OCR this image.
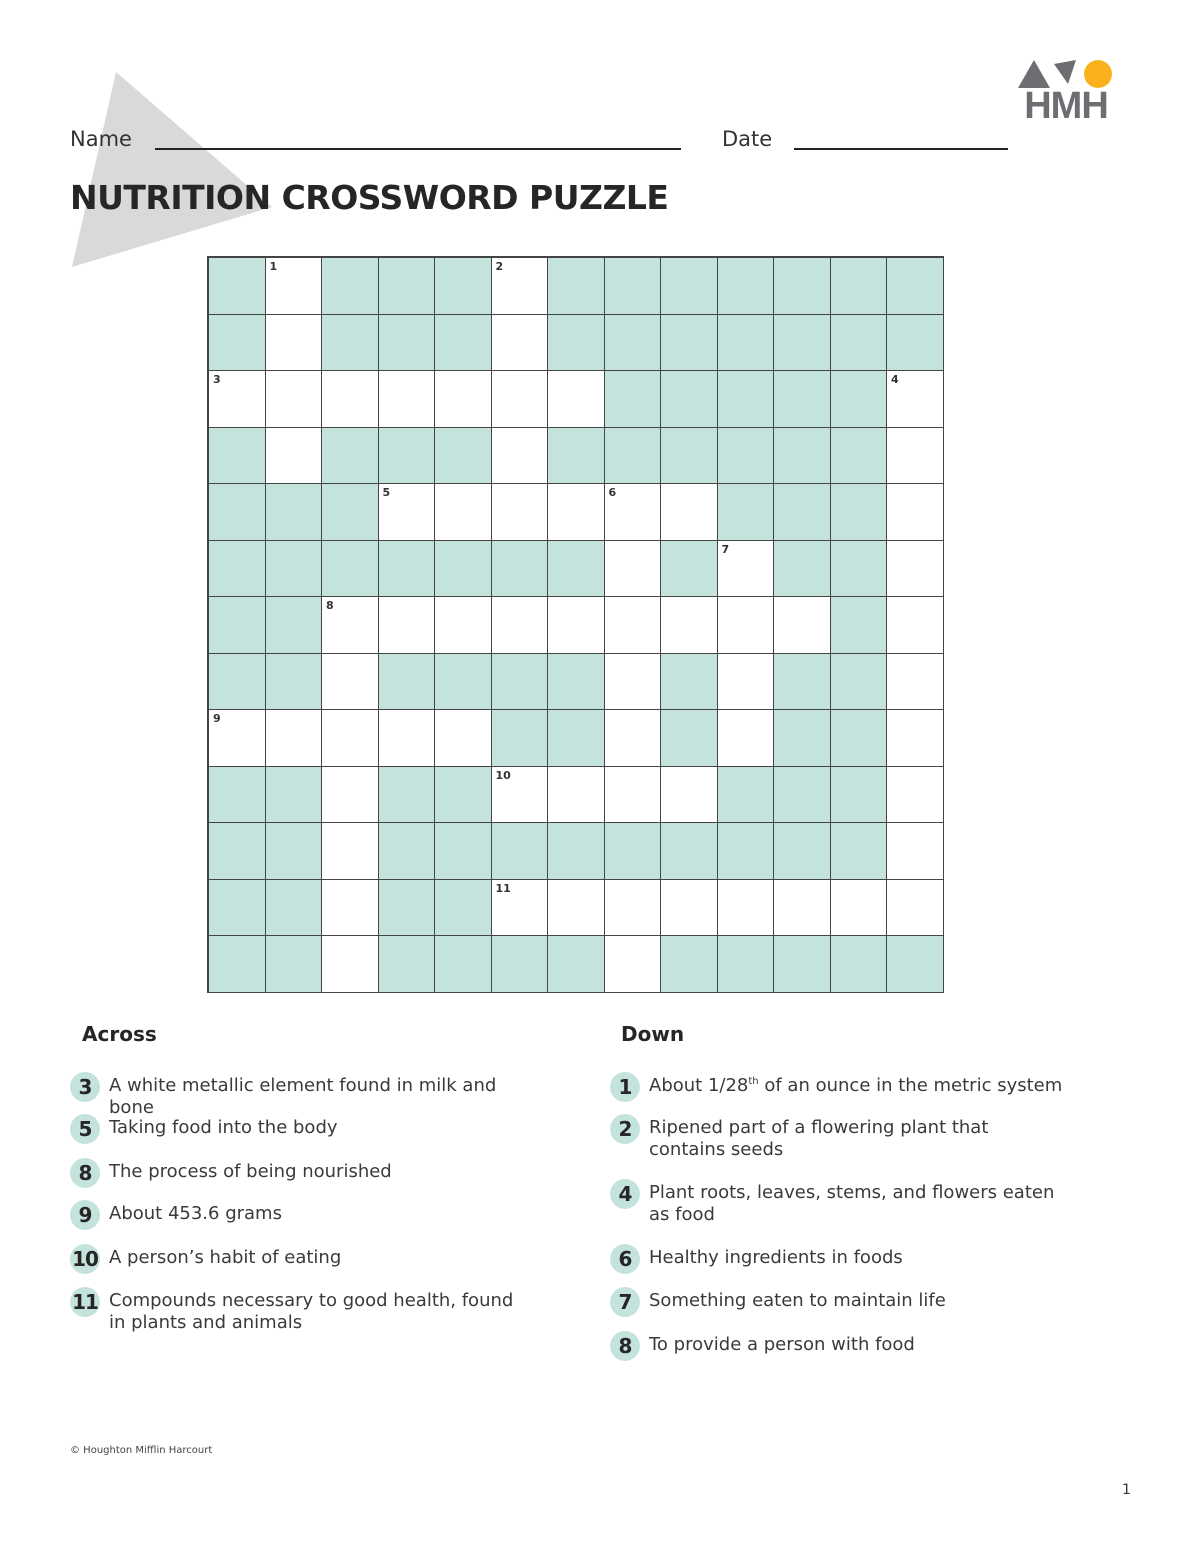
HMH
Name	Date
NUTRITION CROSSWORD PUZZLE
1	2
3	4
5	6
7
8
9
10
11
Across
3 A white metallic element found in milk and bone
5 Taking food into the body
8 The process of being nourished
9 About 453.6 grams
10 A person’s habit of eating
11 Compounds necessary to good health, found in plants and animals
Down
1 About 1/28th of an ounce in the metric system
2 Ripened part of a flowering plant that contains seeds
4 Plant roots, leaves, stems, and flowers eaten as food
6 Healthy ingredients in foods
7 Something eaten to maintain life
8 To provide a person with food
© Houghton Mifflin Harcourt
1
